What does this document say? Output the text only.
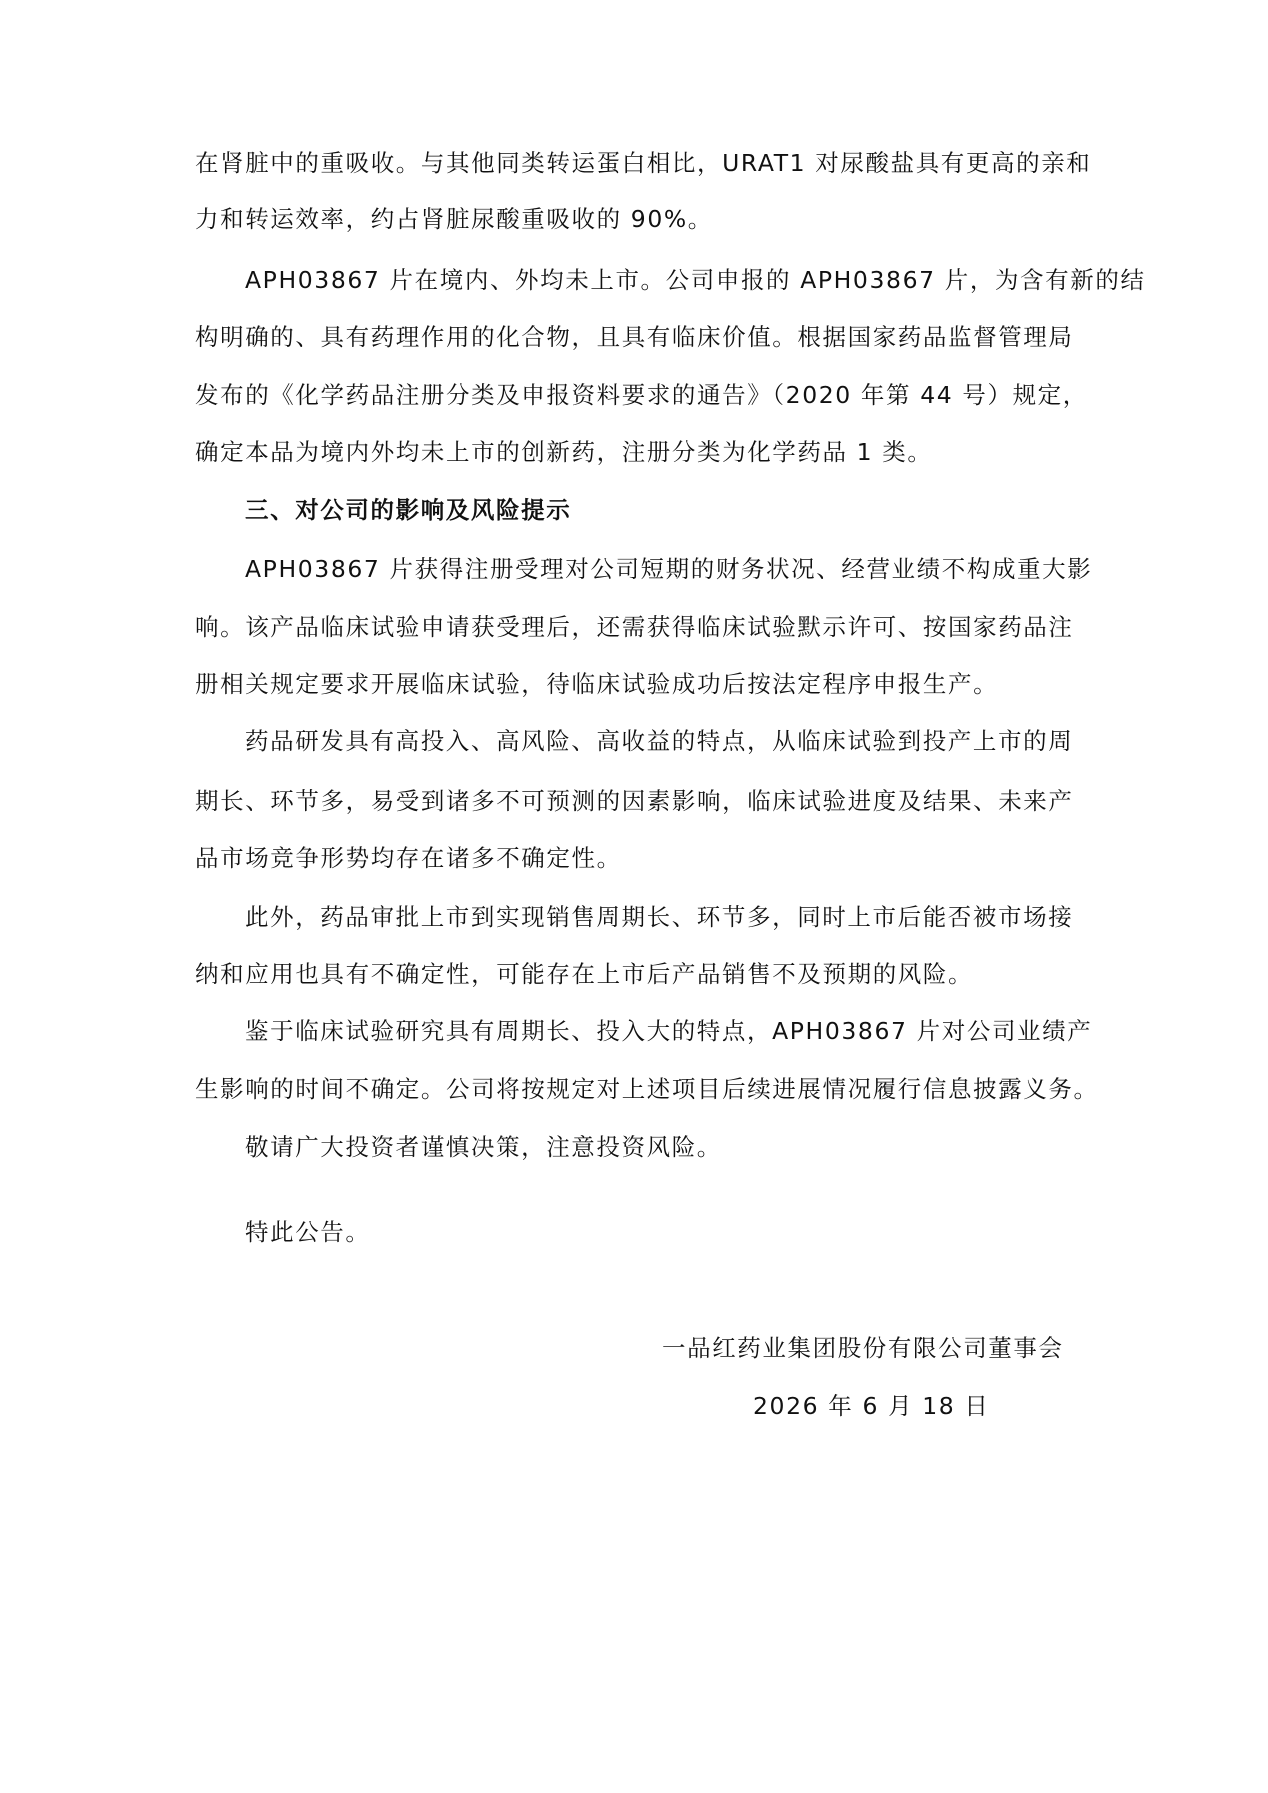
在肾脏中的重吸收。与其他同类转运蛋白相比，URAT1 对尿酸盐具有更高的亲和
力和转运效率，约占肾脏尿酸重吸收的 90%。
APH03867 片在境内、外均未上市。公司申报的 APH03867 片，为含有新的结
构明确的、具有药理作用的化合物，且具有临床价值。根据国家药品监督管理局
发布的《化学药品注册分类及申报资料要求的通告》（2020 年第 44 号）规定，
确定本品为境内外均未上市的创新药，注册分类为化学药品 1 类。
三、对公司的影响及风险提示
APH03867 片获得注册受理对公司短期的财务状况、经营业绩不构成重大影
响。该产品临床试验申请获受理后，还需获得临床试验默示许可、按国家药品注
册相关规定要求开展临床试验，待临床试验成功后按法定程序申报生产。
药品研发具有高投入、高风险、高收益的特点，从临床试验到投产上市的周
期长、环节多，易受到诸多不可预测的因素影响，临床试验进度及结果、未来产
品市场竞争形势均存在诸多不确定性。
此外，药品审批上市到实现销售周期长、环节多，同时上市后能否被市场接
纳和应用也具有不确定性，可能存在上市后产品销售不及预期的风险。
鉴于临床试验研究具有周期长、投入大的特点，APH03867 片对公司业绩产
生影响的时间不确定。公司将按规定对上述项目后续进展情况履行信息披露义务。
敬请广大投资者谨慎决策，注意投资风险。
特此公告。
一品红药业集团股份有限公司董事会
2026 年 6 月 18 日
